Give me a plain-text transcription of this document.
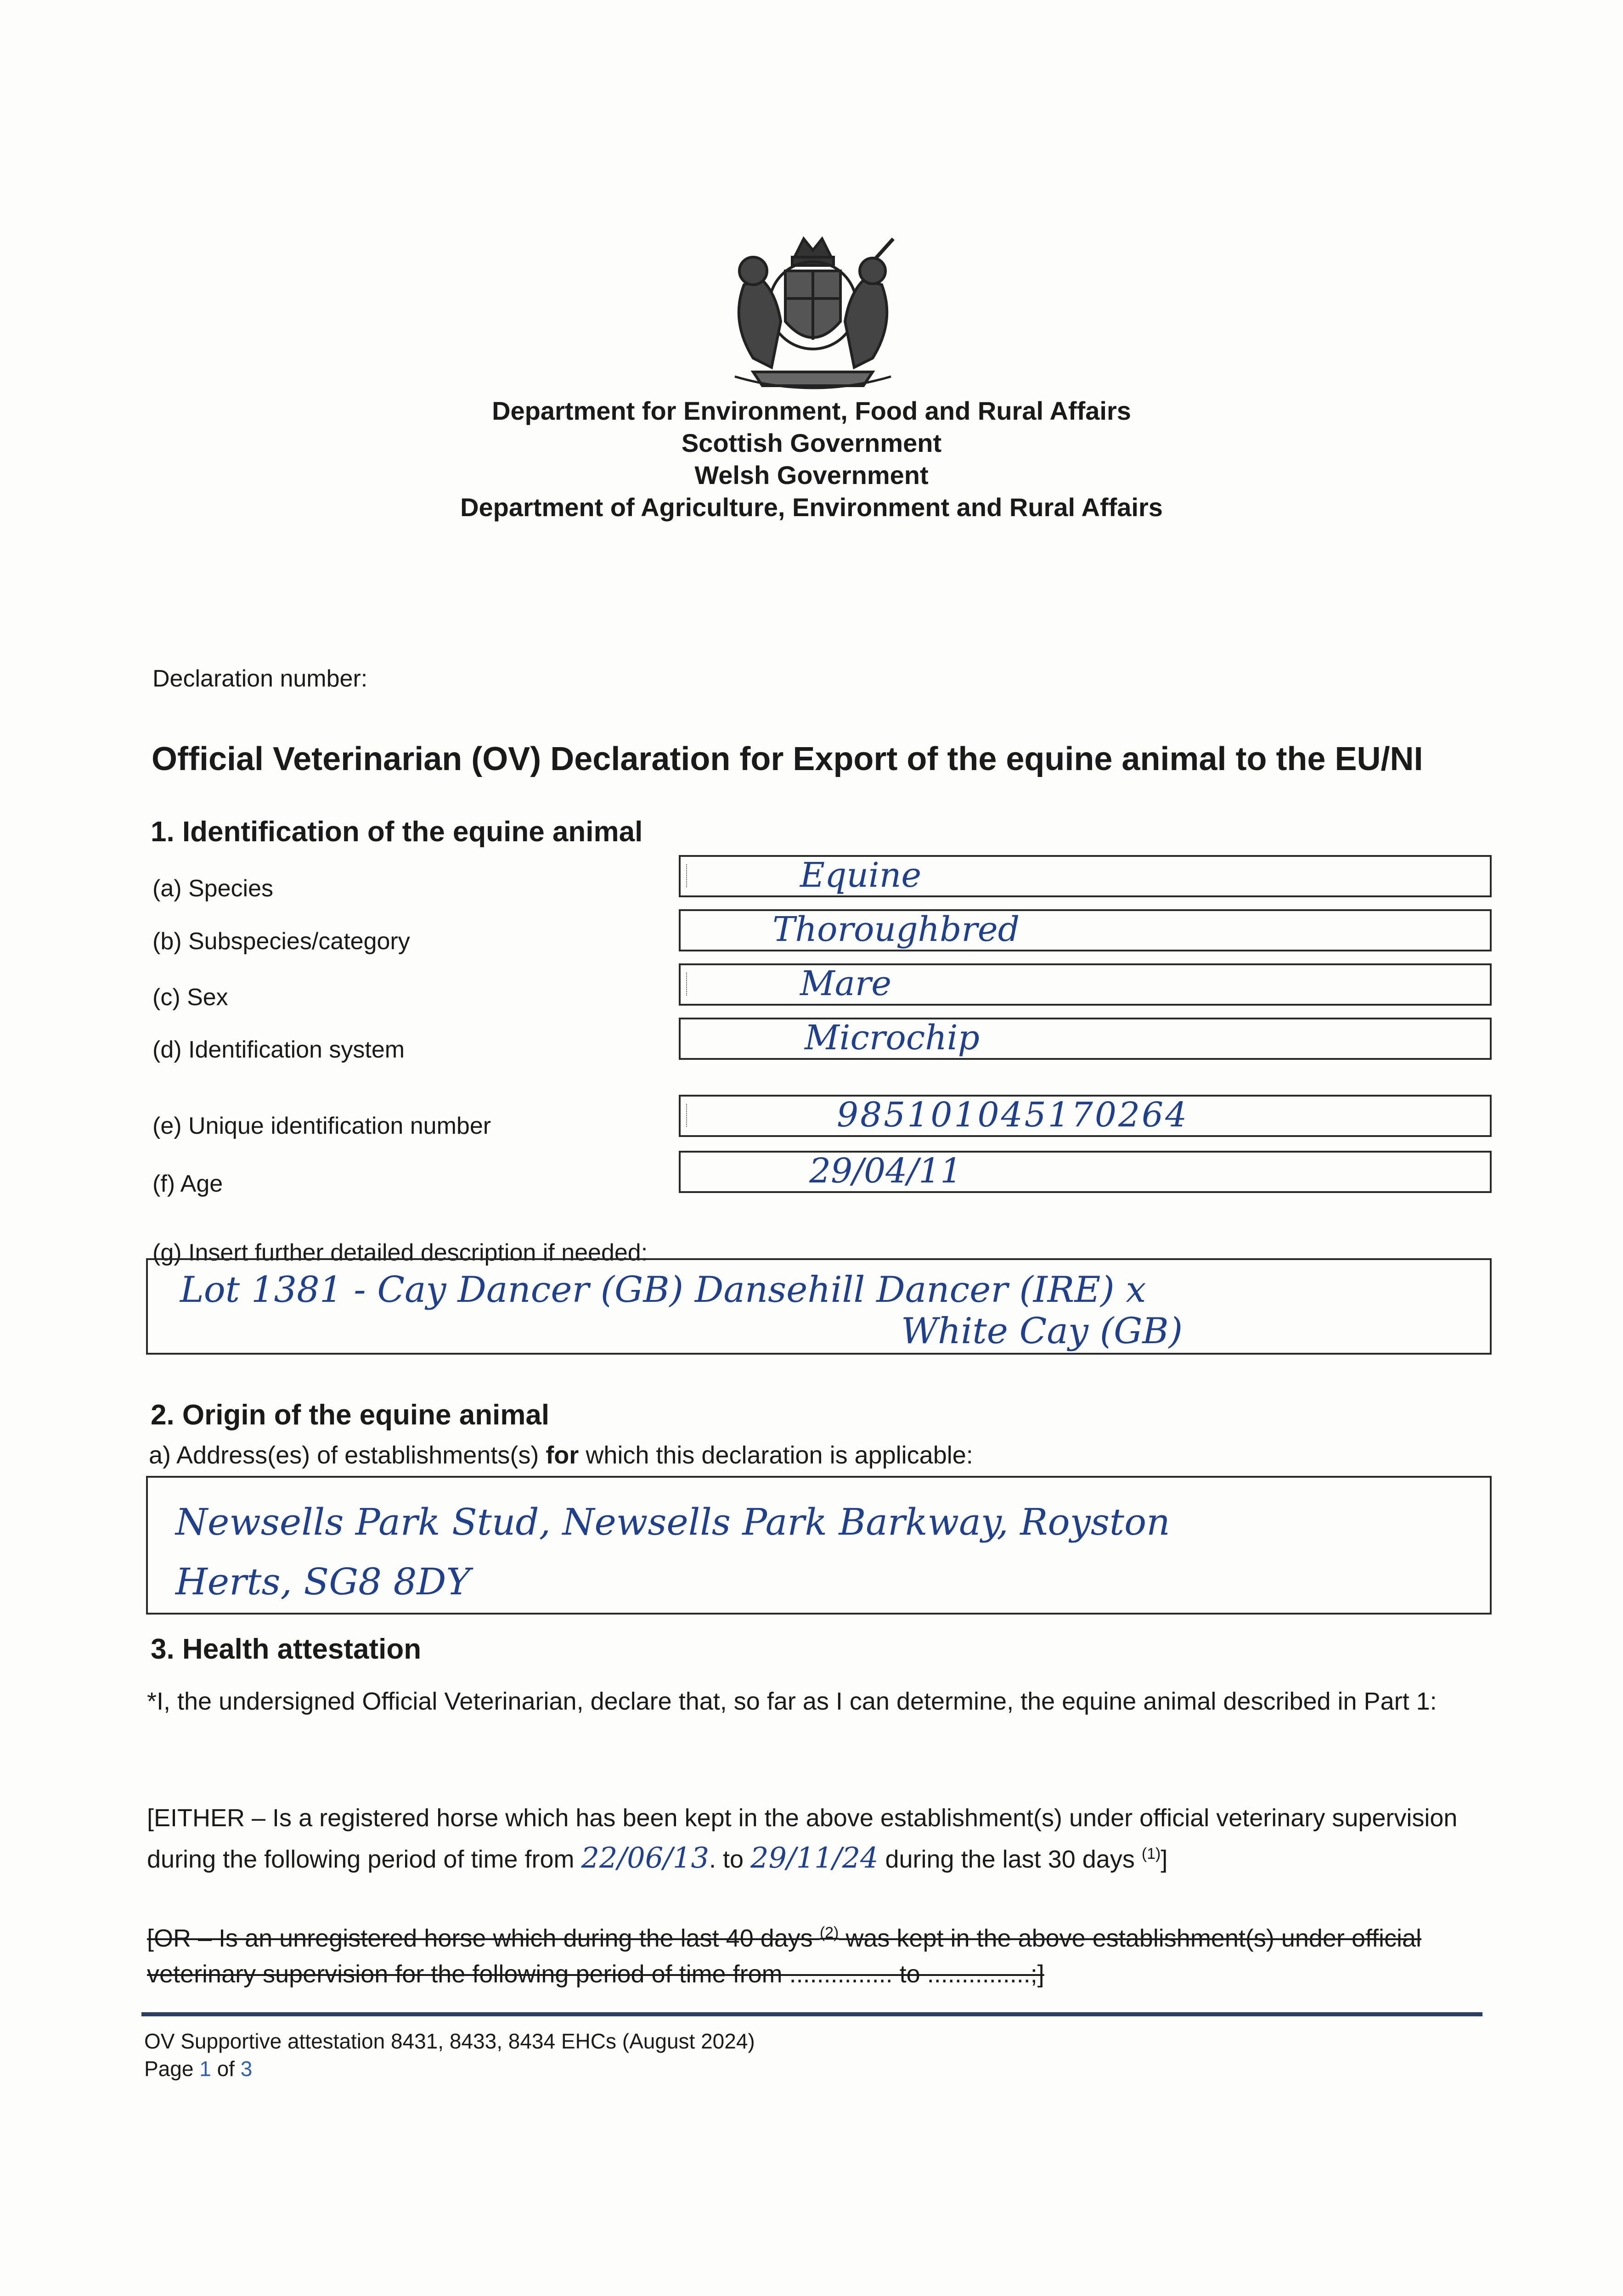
Department for Environment, Food and Rural Affairs
Scottish Government
Welsh Government
Department of Agriculture, Environment and Rural Affairs
Declaration number:
Official Veterinarian (OV) Declaration for Export of the equine animal to the EU/NI
1. Identification of the equine animal
(a) Species	Equine
(b) Subspecies/category	Thoroughbred
(c) Sex	Mare
(d) Identification system	Microchip
(e) Unique identification number	985101045170264
(f) Age	29/04/11
(g) Insert further detailed description if needed:
Lot 1381 - Cay Dancer (GB) Dansehill Dancer (IRE) x
White Cay (GB)
2. Origin of the equine animal
a) Address(es) of establishments(s) for which this declaration is applicable:
Newsells Park Stud, Newsells Park Barkway, Royston
Herts, SG8 8DY
3. Health attestation
*I, the undersigned Official Veterinarian, declare that, so far as I can determine, the equine animal described in Part 1:
[EITHER – Is a registered horse which has been kept in the above establishment(s) under official veterinary supervision during the following period of time from 22/06/13. to 29/11/24 during the last 30 days $^{(1)}$]
[OR – Is an unregistered horse which during the last 40 days $^{(2)}$ was kept in the above establishment(s) under official veterinary supervision for the following period of time from ............... to ...............;]
OV Supportive attestation 8431, 8433, 8434 EHCs (August 2024)
Page 1 of 3
